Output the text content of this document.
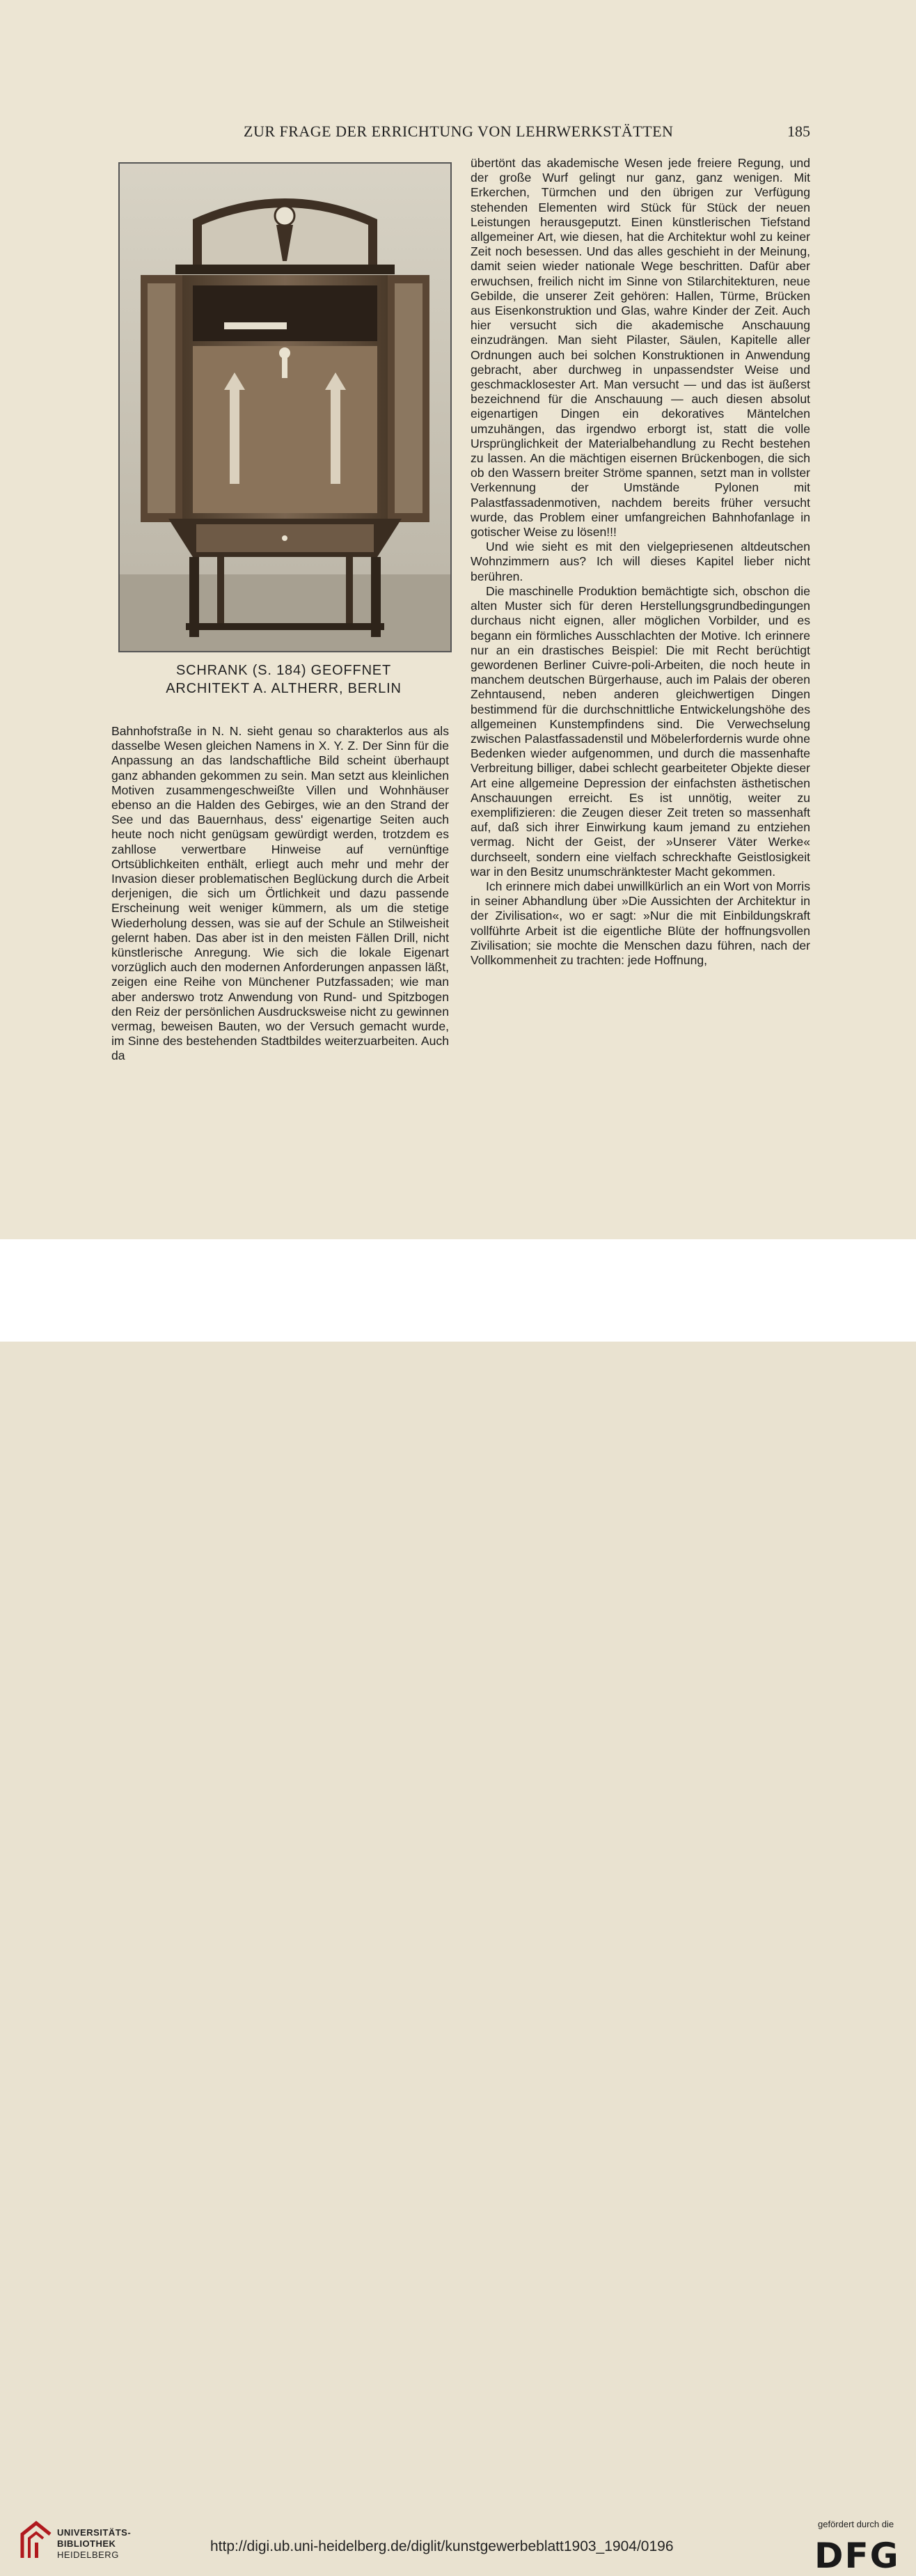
ZUR FRAGE DER ERRICHTUNG VON LEHRWERKSTÄTTEN	185
SCHRANK (S. 184) GEOFFNET
ARCHITEKT A. ALTHERR, BERLIN

Bahnhofstraße in N. N. sieht genau so charakterlos aus als dasselbe Wesen gleichen Namens in X. Y. Z. Der Sinn für die Anpassung an das landschaftliche Bild scheint überhaupt ganz abhanden gekommen zu sein. Man setzt aus kleinlichen Motiven zusammengeschweißte Villen und Wohnhäuser ebenso an die Halden des Gebirges, wie an den Strand der See und das Bauernhaus, dess' eigenartige Seiten auch heute noch nicht genügsam gewürdigt werden, trotzdem es zahllose verwertbare Hinweise auf vernünftige Ortsüblichkeiten enthält, erliegt auch mehr und mehr der Invasion dieser problematischen Beglückung durch die Arbeit derjenigen, die sich um Örtlichkeit und dazu passende Erscheinung weit weniger kümmern, als um die stetige Wiederholung dessen, was sie auf der Schule an Stilweisheit gelernt haben. Das aber ist in den meisten Fällen Drill, nicht künstlerische Anregung. Wie sich die lokale Eigenart vorzüglich auch den modernen Anforderungen anpassen läßt, zeigen eine Reihe von Münchener Putzfassaden; wie man aber anderswo trotz Anwendung von Rund- und Spitzbogen den Reiz der persönlichen Ausdrucksweise nicht zu gewinnen vermag, beweisen Bauten, wo der Versuch gemacht wurde, im Sinne des bestehenden Stadtbildes weiterzuarbeiten. Auch da

übertönt das akademische Wesen jede freiere Regung, und der große Wurf gelingt nur ganz, ganz wenigen. Mit Erkerchen, Türmchen und den übrigen zur Verfügung stehenden Elementen wird Stück für Stück der neuen Leistungen herausgeputzt. Einen künstlerischen Tiefstand allgemeiner Art, wie diesen, hat die Architektur wohl zu keiner Zeit noch besessen. Und das alles geschieht in der Meinung, damit seien wieder nationale Wege beschritten. Dafür aber erwuchsen, freilich nicht im Sinne von Stilarchitekturen, neue Gebilde, die unserer Zeit gehören: Hallen, Türme, Brücken aus Eisenkonstruktion und Glas, wahre Kinder der Zeit. Auch hier versucht sich die akademische Anschauung einzudrängen. Man sieht Pilaster, Säulen, Kapitelle aller Ordnungen auch bei solchen Konstruktionen in Anwendung gebracht, aber durchweg in unpassendster Weise und geschmacklosester Art. Man versucht — und das ist äußerst bezeichnend für die Anschauung — auch diesen absolut eigenartigen Dingen ein dekoratives Mäntelchen umzuhängen, das irgendwo erborgt ist, statt die volle Ursprünglichkeit der Materialbehandlung zu Recht bestehen zu lassen. An die mächtigen eisernen Brückenbogen, die sich ob den Wassern breiter Ströme spannen, setzt man in vollster Verkennung der Umstände Pylonen mit Palastfassadenmotiven, nachdem bereits früher versucht wurde, das Problem einer umfangreichen Bahnhofanlage in gotischer Weise zu lösen!!!

Und wie sieht es mit den vielgepriesenen altdeutschen Wohnzimmern aus? Ich will dieses Kapitel lieber nicht berühren.

Die maschinelle Produktion bemächtigte sich, obschon die alten Muster sich für deren Herstellungsgrundbedingungen durchaus nicht eignen, aller möglichen Vorbilder, und es begann ein förmliches Ausschlachten der Motive. Ich erinnere nur an ein drastisches Beispiel: Die mit Recht berüchtigt gewordenen Berliner Cuivre-poli-Arbeiten, die noch heute in manchem deutschen Bürgerhause, auch im Palais der oberen Zehntausend, neben anderen gleichwertigen Dingen bestimmend für die durchschnittliche Entwickelungshöhe des allgemeinen Kunstempfindens sind. Die Verwechselung zwischen Palastfassadenstil und Möbelerfordernis wurde ohne Bedenken wieder aufgenommen, und durch die massenhafte Verbreitung billiger, dabei schlecht gearbeiteter Objekte dieser Art eine allgemeine Depression der einfachsten ästhetischen Anschauungen erreicht. Es ist unnötig, weiter zu exemplifizieren: die Zeugen dieser Zeit treten so massenhaft auf, daß sich ihrer Einwirkung kaum jemand zu entziehen vermag. Nicht der Geist, der »Unserer Väter Werke« durchseelt, sondern eine vielfach schreckhafte Geistlosigkeit war in den Besitz unumschränktester Macht gekommen.

Ich erinnere mich dabei unwillkürlich an ein Wort von Morris in seiner Abhandlung über »Die Aussichten der Architektur in der Zivilisation«, wo er sagt: »Nur die mit Einbildungskraft vollführte Arbeit ist die eigentliche Blüte der hoffnungsvollen Zivilisation; sie mochte die Menschen dazu führen, nach der Vollkommenheit zu trachten: jede Hoffnung,

UNIVERSITÄTS-
BIBLIOTHEK
HEIDELBERG
http://digi.ub.uni-heidelberg.de/diglit/kunstgewerbeblatt1903_1904/0196
gefördert durch die
DFG
